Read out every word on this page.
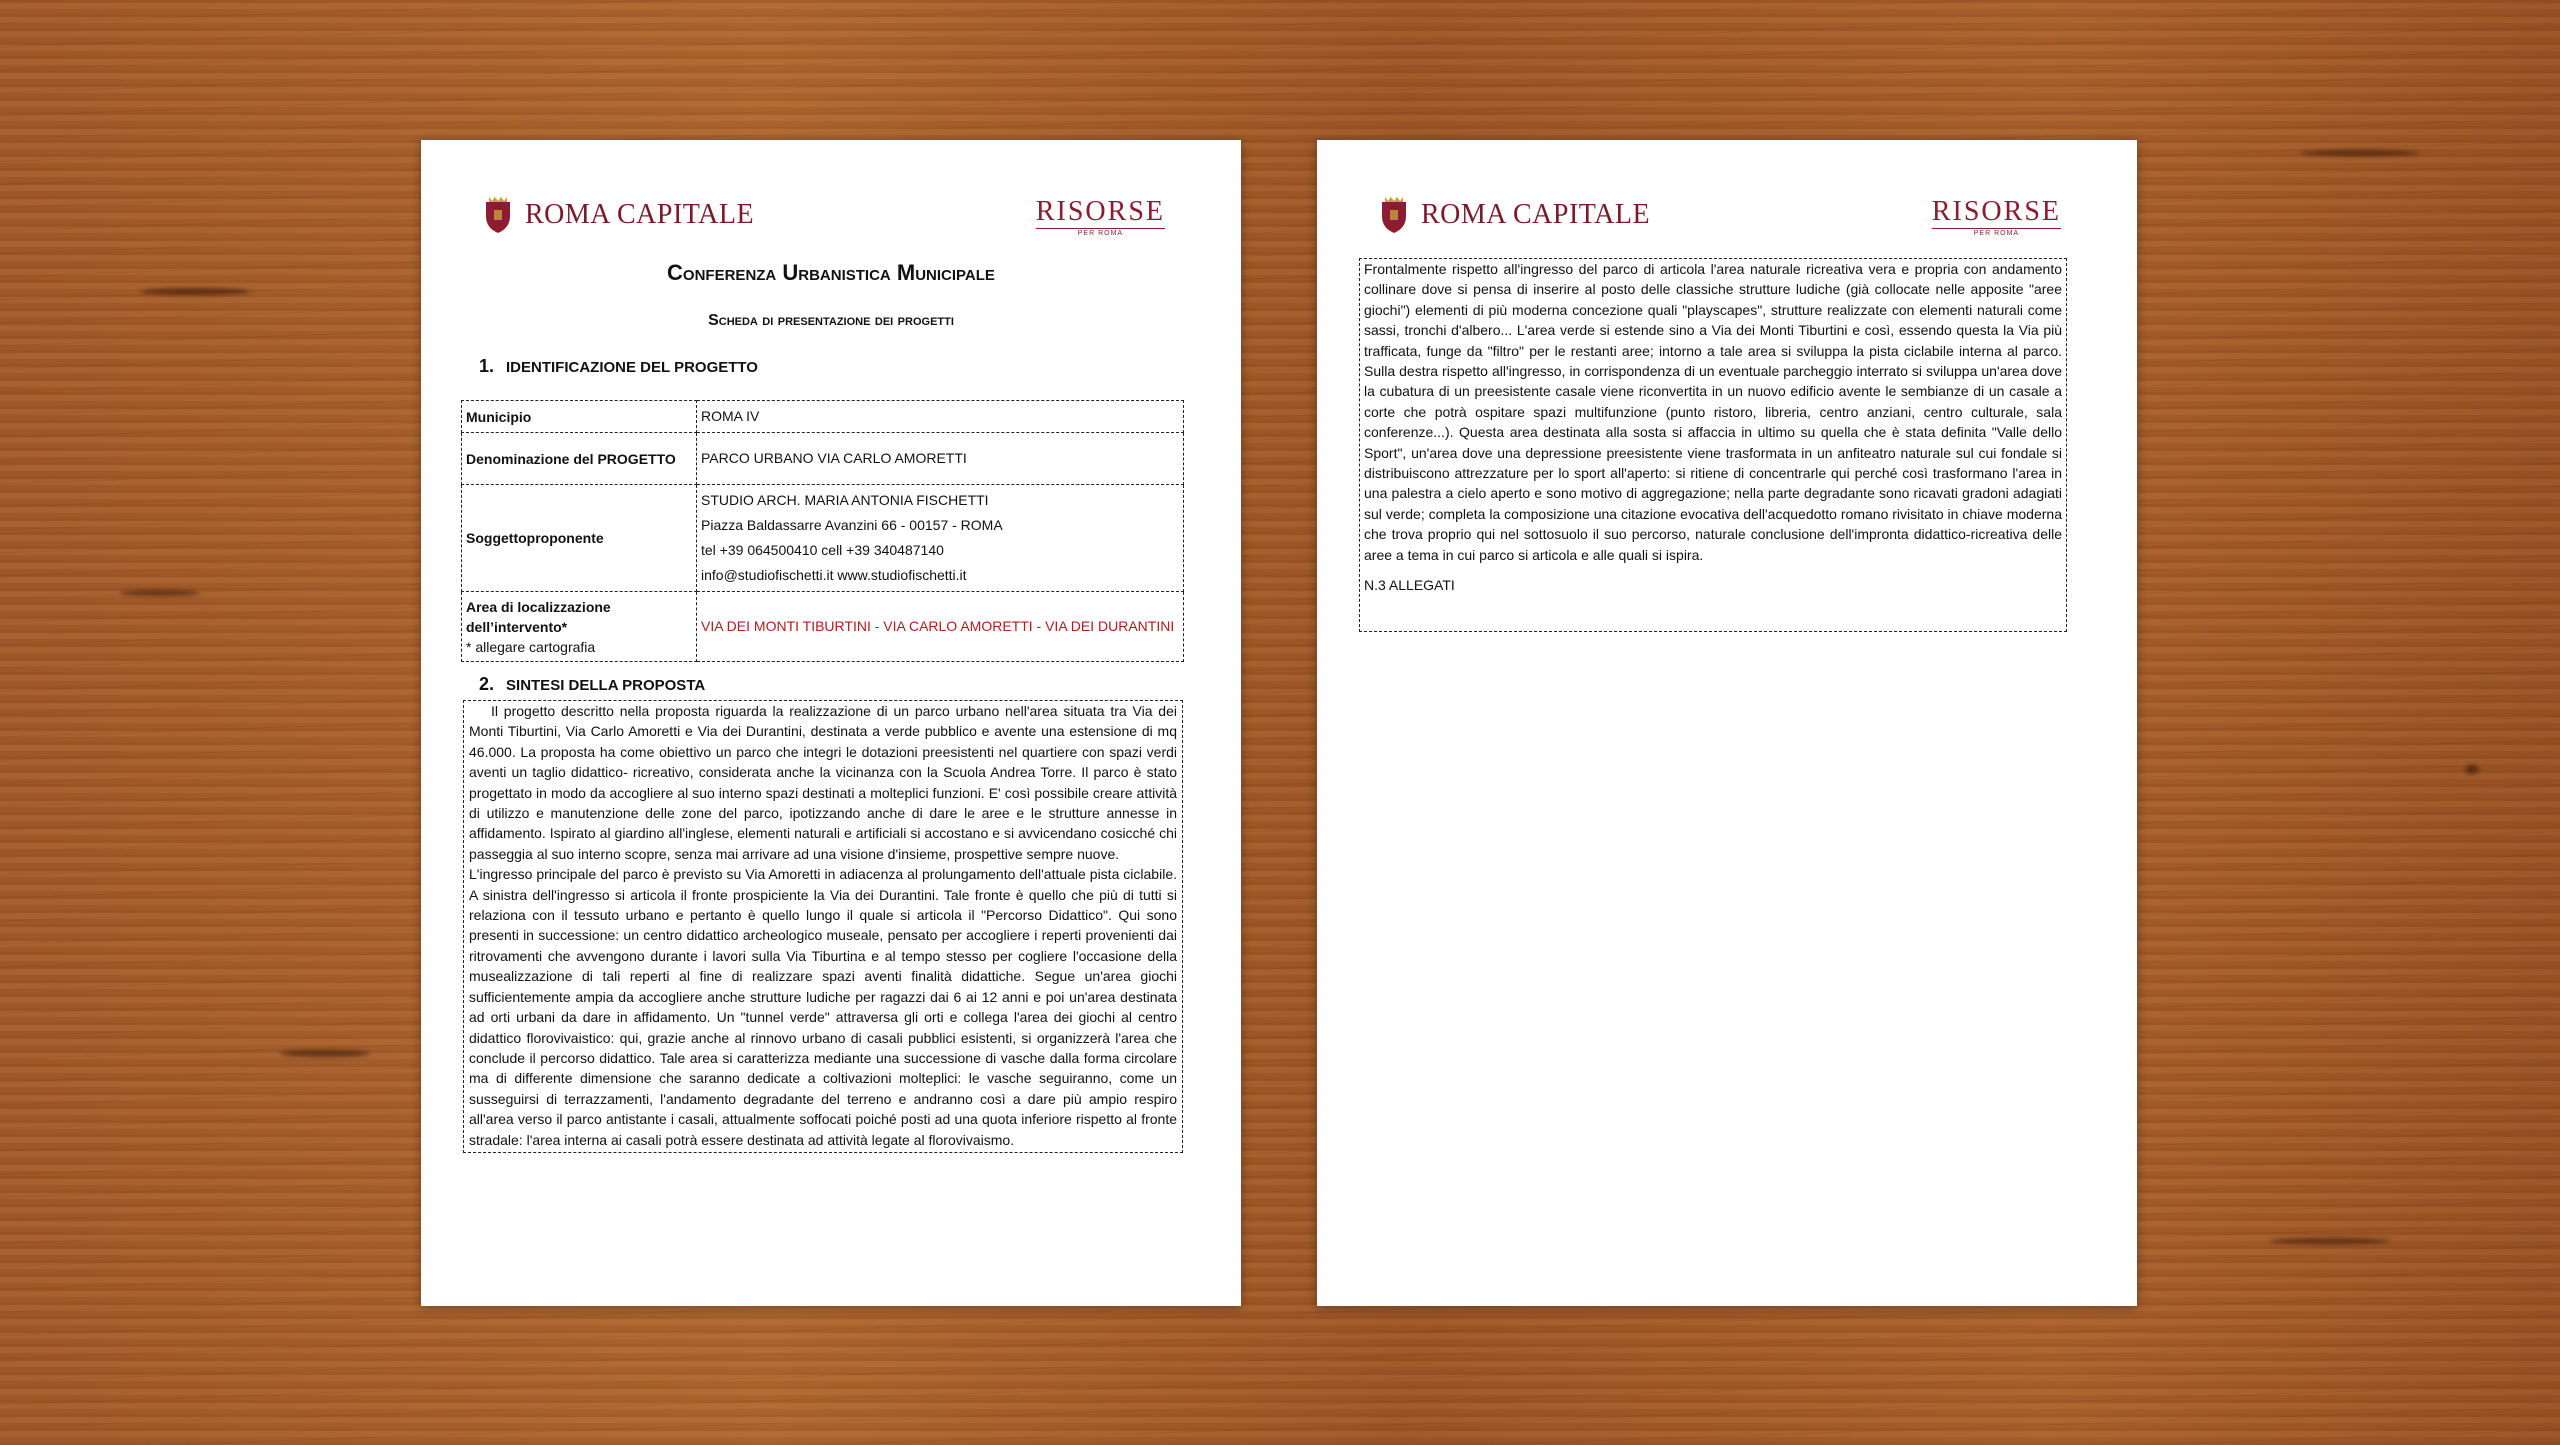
ROMA CAPITALE	RISORSE
PER ROMA
Conferenza Urbanistica Municipale
Scheda di presentazione dei progetti
1. IDENTIFICAZIONE DEL PROGETTO
Municipio	ROMA IV
Denominazione del PROGETTO	PARCO URBANO VIA CARLO AMORETTI
Soggettoproponente	STUDIO ARCH. MARIA ANTONIA FISCHETTI
Piazza Baldassarre Avanzini 66 - 00157 - ROMA
tel +39 064500410 cell +39 340487140
info@studiofischetti.it www.studiofischetti.it

Area di localizzazione
dell’intervento*
* allegare cartografia	VIA DEI MONTI TIBURTINI - VIA CARLO AMORETTI - VIA DEI DURANTINI
2. SINTESI DELLA PROPOSTA

Il progetto descritto nella proposta riguarda la realizzazione di un parco urbano nell'area situata tra Via dei Monti Tiburtini, Via Carlo Amoretti e Via dei Durantini, destinata a verde pubblico e avente una estensione di mq 46.000. La proposta ha come obiettivo un parco che integri le dotazioni preesistenti nel quartiere con spazi verdi aventi un taglio didattico- ricreativo, considerata anche la vicinanza con la Scuola Andrea Torre. Il parco è stato progettato in modo da accogliere al suo interno spazi destinati a molteplici funzioni. E' così possibile creare attività di utilizzo e manutenzione delle zone del parco, ipotizzando anche di dare le aree e le strutture annesse in affidamento. Ispirato al giardino all'inglese, elementi naturali e artificiali si accostano e si avvicendano cosicché chi passeggia al suo interno scopre, senza mai arrivare ad una visione d'insieme, prospettive sempre nuove.

L'ingresso principale del parco è previsto su Via Amoretti in adiacenza al prolungamento dell'attuale pista ciclabile. A sinistra dell'ingresso si articola il fronte prospiciente la Via dei Durantini. Tale fronte è quello che più di tutti si relaziona con il tessuto urbano e pertanto è quello lungo il quale si articola il "Percorso Didattico". Qui sono presenti in successione: un centro didattico archeologico museale, pensato per accogliere i reperti provenienti dai ritrovamenti che avvengono durante i lavori sulla Via Tiburtina e al tempo stesso per cogliere l'occasione della musealizzazione di tali reperti al fine di realizzare spazi aventi finalità didattiche. Segue un'area giochi sufficientemente ampia da accogliere anche strutture ludiche per ragazzi dai 6 ai 12 anni e poi un'area destinata ad orti urbani da dare in affidamento. Un "tunnel verde" attraversa gli orti e collega l'area dei giochi al centro didattico florovivaistico: qui, grazie anche al rinnovo urbano di casali pubblici esistenti, si organizzerà l'area che conclude il percorso didattico. Tale area si caratterizza mediante una successione di vasche dalla forma circolare ma di differente dimensione che saranno dedicate a coltivazioni molteplici: le vasche seguiranno, come un susseguirsi di terrazzamenti, l'andamento degradante del terreno e andranno così a dare più ampio respiro all'area verso il parco antistante i casali, attualmente soffocati poiché posti ad una quota inferiore rispetto al fronte stradale: l'area interna ai casali potrà essere destinata ad attività legate al florovivaismo.

ROMA CAPITALE	RISORSE
PER ROMA

Frontalmente rispetto all'ingresso del parco di articola l'area naturale ricreativa vera e propria con andamento collinare dove si pensa di inserire al posto delle classiche strutture ludiche (già collocate nelle apposite "aree giochi") elementi di più moderna concezione quali "playscapes", strutture realizzate con elementi naturali come sassi, tronchi d'albero... L'area verde si estende sino a Via dei Monti Tiburtini e così, essendo questa la Via più trafficata, funge da "filtro" per le restanti aree; intorno a tale area si sviluppa la pista ciclabile interna al parco. Sulla destra rispetto all'ingresso, in corrispondenza di un eventuale parcheggio interrato si sviluppa un'area dove la cubatura di un preesistente casale viene riconvertita in un nuovo edificio avente le sembianze di un casale a corte che potrà ospitare spazi multifunzione (punto ristoro, libreria, centro anziani, centro culturale, sala conferenze...). Questa area destinata alla sosta si affaccia in ultimo su quella che è stata definita "Valle dello Sport", un'area dove una depressione preesistente viene trasformata in un anfiteatro naturale sul cui fondale si distribuiscono attrezzature per lo sport all'aperto: si ritiene di concentrarle qui perché così trasformano l'area in una palestra a cielo aperto e sono motivo di aggregazione; nella parte degradante sono ricavati gradoni adagiati sul verde; completa la composizione una citazione evocativa dell'acquedotto romano rivisitato in chiave moderna che trova proprio qui nel sottosuolo il suo percorso, naturale conclusione dell'impronta didattico-ricreativa delle aree a tema in cui parco si articola e alle quali si ispira.

N.3 ALLEGATI
